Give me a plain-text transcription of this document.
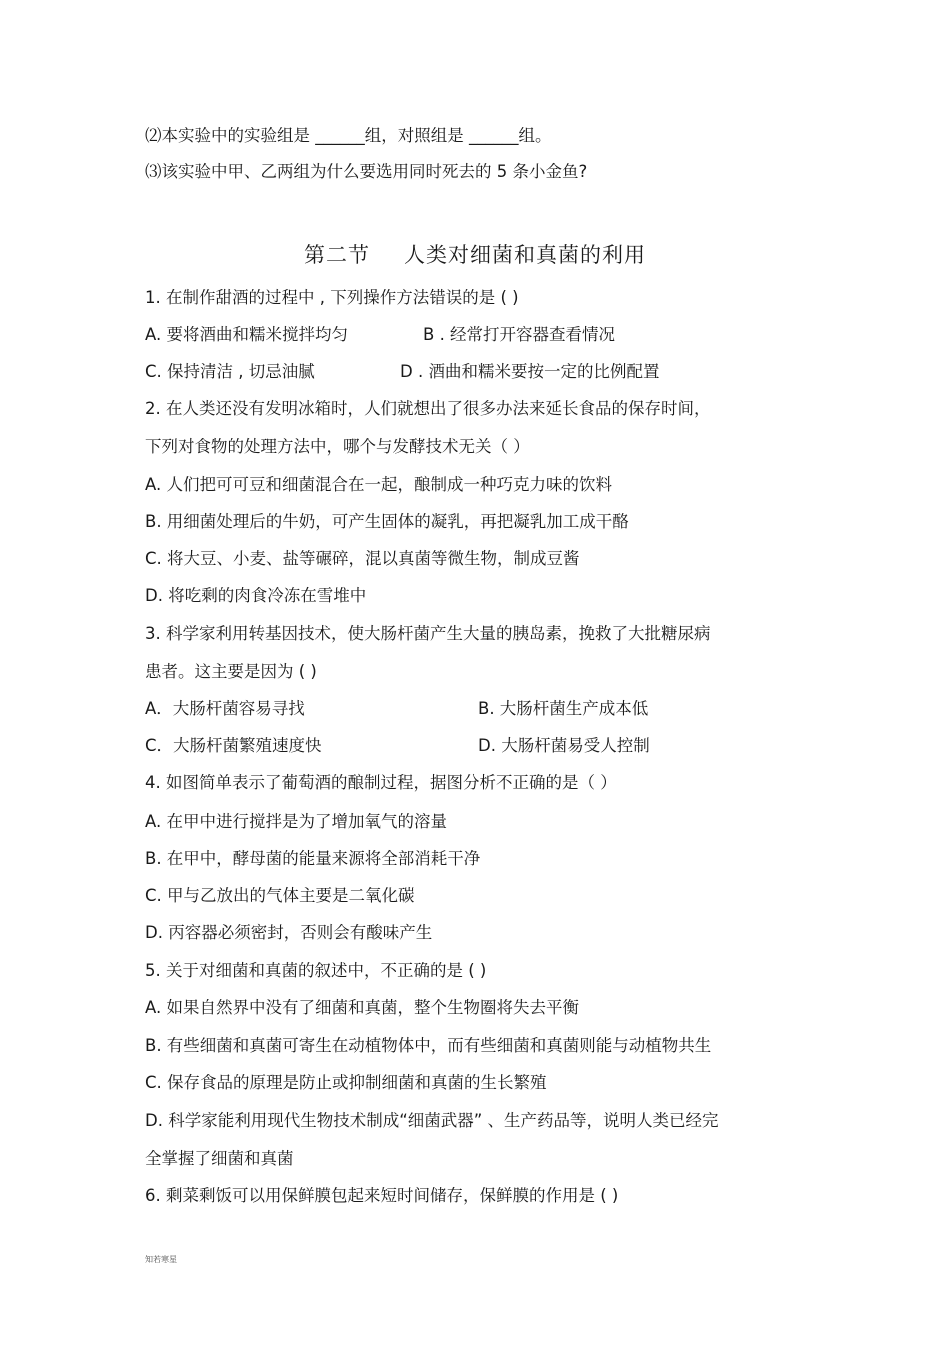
⑵本实验中的实验组是 ______组，对照组是 ______组。

⑶该实验中甲、乙两组为什么要选用同时死去的 5 条小金鱼?

第二节 人类对细菌和真菌的利用

1. 在制作甜酒的过程中 , 下列操作方法错误的是 ( )

A. 要将酒曲和糯米搅拌均匀	B . 经常打开容器查看情况
C. 保持清洁 , 切忌油腻	D . 酒曲和糯米要按一定的比例配置

2. 在人类还没有发明冰箱时，人们就想出了很多办法来延长食品的保存时间，

下列对食物的处理方法中，哪个与发酵技术无关（ ）

A. 人们把可可豆和细菌混合在一起，酿制成一种巧克力味的饮料

B. 用细菌处理后的牛奶，可产生固体的凝乳，再把凝乳加工成干酪

C. 将大豆、小麦、盐等碾碎，混以真菌等微生物，制成豆酱

D. 将吃剩的肉食冷冻在雪堆中

3. 科学家利用转基因技术，使大肠杆菌产生大量的胰岛素，挽救了大批糖尿病

患者。这主要是因为 ( )

A．大肠杆菌容易寻找	B. 大肠杆菌生产成本低
C．大肠杆菌繁殖速度快	D. 大肠杆菌易受人控制

4. 如图简单表示了葡萄酒的酿制过程，据图分析不正确的是（ ）

A. 在甲中进行搅拌是为了增加氧气的溶量

B. 在甲中，酵母菌的能量来源将全部消耗干净

C. 甲与乙放出的气体主要是二氧化碳

D. 丙容器必须密封，否则会有酸味产生

5. 关于对细菌和真菌的叙述中，不正确的是 ( )

A. 如果自然界中没有了细菌和真菌，整个生物圈将失去平衡

B. 有些细菌和真菌可寄生在动植物体中，而有些细菌和真菌则能与动植物共生

C. 保存食品的原理是防止或抑制细菌和真菌的生长繁殖

D. 科学家能利用现代生物技术制成“细菌武器” 、生产药品等，说明人类已经完

全掌握了细菌和真菌

6. 剩菜剩饭可以用保鲜膜包起来短时间储存，保鲜膜的作用是 ( )

知若寒星
